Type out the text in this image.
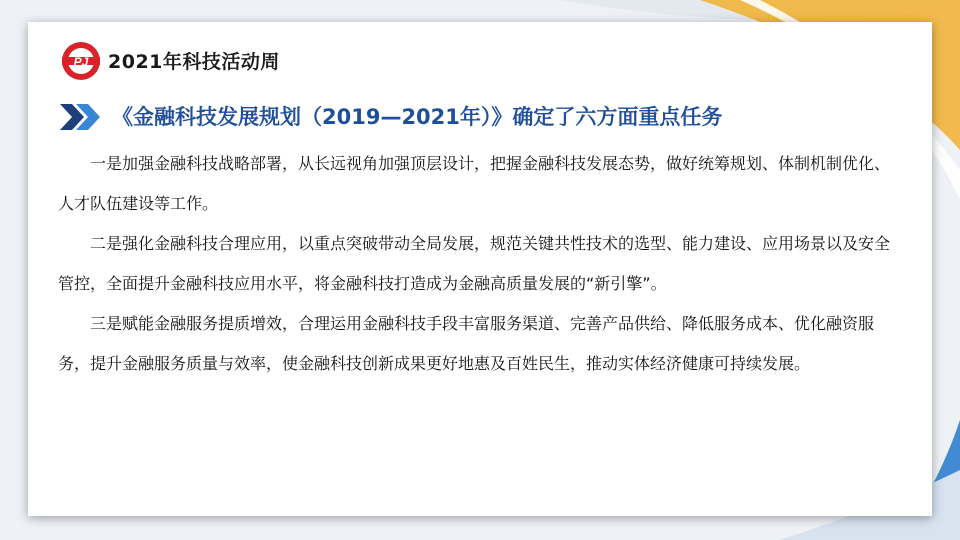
PJ 2021年科技活动周
《金融科技发展规划（2019—2021年）》确定了六方面重点任务

一是加强金融科技战略部署，从长远视角加强顶层设计，把握金融科技发展态势，做好统筹规划、体制机制优化、人才队伍建设等工作。

二是强化金融科技合理应用，以重点突破带动全局发展，规范关键共性技术的选型、能力建设、应用场景以及安全管控，全面提升金融科技应用水平，将金融科技打造成为金融高质量发展的“新引擎”。

三是赋能金融服务提质增效，合理运用金融科技手段丰富服务渠道、完善产品供给、降低服务成本、优化融资服务，提升金融服务质量与效率，使金融科技创新成果更好地惠及百姓民生，推动实体经济健康可持续发展。
